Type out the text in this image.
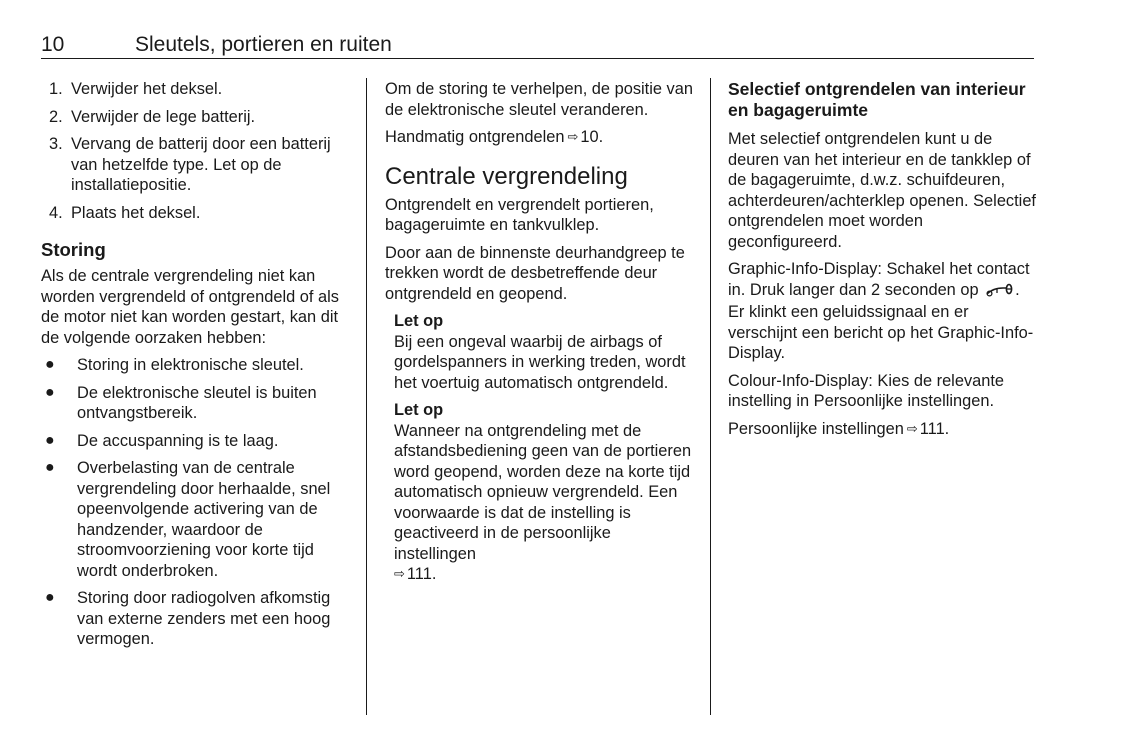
10	Sleutels, portieren en ruiten
1. Verwijder het deksel.
2. Verwijder de lege batterij.
3. Vervang de batterij door een batterij van hetzelfde type. Let op de installatiepositie.
4. Plaats het deksel.
Storing

Als de centrale vergrendeling niet kan worden vergrendeld of ontgrendeld of als de motor niet kan worden gestart, kan dit de volgende oorzaken hebben:

● Storing in elektronische sleutel.
● De elektronische sleutel is buiten ontvangstbereik.
● De accuspanning is te laag.
● Overbelasting van de centrale vergrendeling door herhaalde, snel opeenvolgende activering van de handzender, waardoor de stroomvoorziening voor korte tijd wordt onderbroken.
● Storing door radiogolven afkomstig van externe zenders met een hoog vermogen.

Om de storing te verhelpen, de positie van de elektronische sleutel veranderen.

Handmatig ontgrendelen ⇨ 10.

Centrale vergrendeling

Ontgrendelt en vergrendelt portieren, bagageruimte en tankvulklep.

Door aan de binnenste deurhandgreep te trekken wordt de desbetreffende deur ontgrendeld en geopend.

Let op
Bij een ongeval waarbij de airbags of gordelspanners in werking treden, wordt het voertuig automatisch ontgrendeld.
Let op
Wanneer na ontgrendeling met de afstandsbediening geen van de portieren word geopend, worden deze na korte tijd automatisch opnieuw vergrendeld. Een voorwaarde is dat de instelling is geactiveerd in de persoonlijke instellingen
⇨ 111.
Selectief ontgrendelen van interieur en bagageruimte

Met selectief ontgrendelen kunt u de deuren van het interieur en de tankklep of de bagageruimte, d.w.z. schuifdeuren, achterdeuren/achterklep openen. Selectief ontgrendelen moet worden geconfigureerd.

Graphic-Info-Display: Schakel het contact in. Druk langer dan 2 seconden op . Er klinkt een geluidssignaal en er verschijnt een bericht op het Graphic-Info-Display.

Colour-Info-Display: Kies de relevante instelling in Persoonlijke instellingen.

Persoonlijke instellingen ⇨ 111.
